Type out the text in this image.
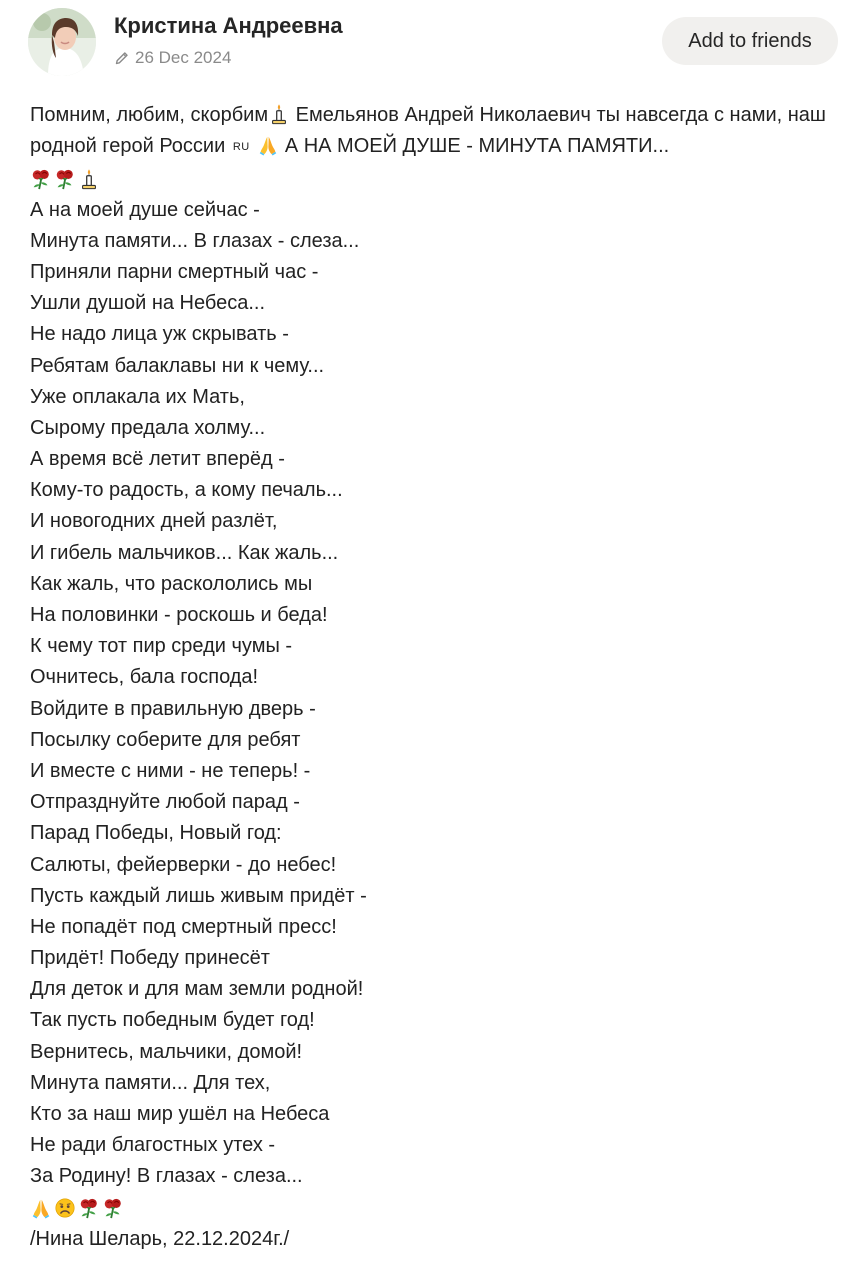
Кристина Андреевна
26 Dec 2024
Add to friends

Помним, любим, скорбим Емельянов Андрей Николаевич ты навсегда с нами, наш родной герой России RU  А НА МОЕЙ ДУШЕ - МИНУТА ПАМЯТИ...

А на моей душе сейчас -
Минута памяти... В глазах - слеза...
Приняли парни смертный час -
Ушли душой на Небеса...
Не надо лица уж скрывать -
Ребятам балаклавы ни к чему...
Уже оплакала их Мать,
Сырому предала холму...
А время всё летит вперёд -
Кому-то радость, а кому печаль...
И новогодних дней разлёт,
И гибель мальчиков... Как жаль...
Как жаль, что раскололись мы
На половинки - роскошь и беда!
К чему тот пир среди чумы -
Очнитесь, бала господа!
Войдите в правильную дверь -
Посылку соберите для ребят
И вместе с ними - не теперь! -
Отпразднуйте любой парад -
Парад Победы, Новый год:
Салюты, фейерверки - до небес!
Пусть каждый лишь живым придёт -
Не попадёт под смертный пресс!
Придёт! Победу принесёт
Для деток и для мам земли родной!
Так пусть победным будет год!
Вернитесь, мальчики, домой!
Минута памяти... Для тех,
Кто за наш мир ушёл на Небеса
Не ради благостных утех -
За Родину! В глазах - слеза...
/Нина Шеларь, 22.12.2024г./
